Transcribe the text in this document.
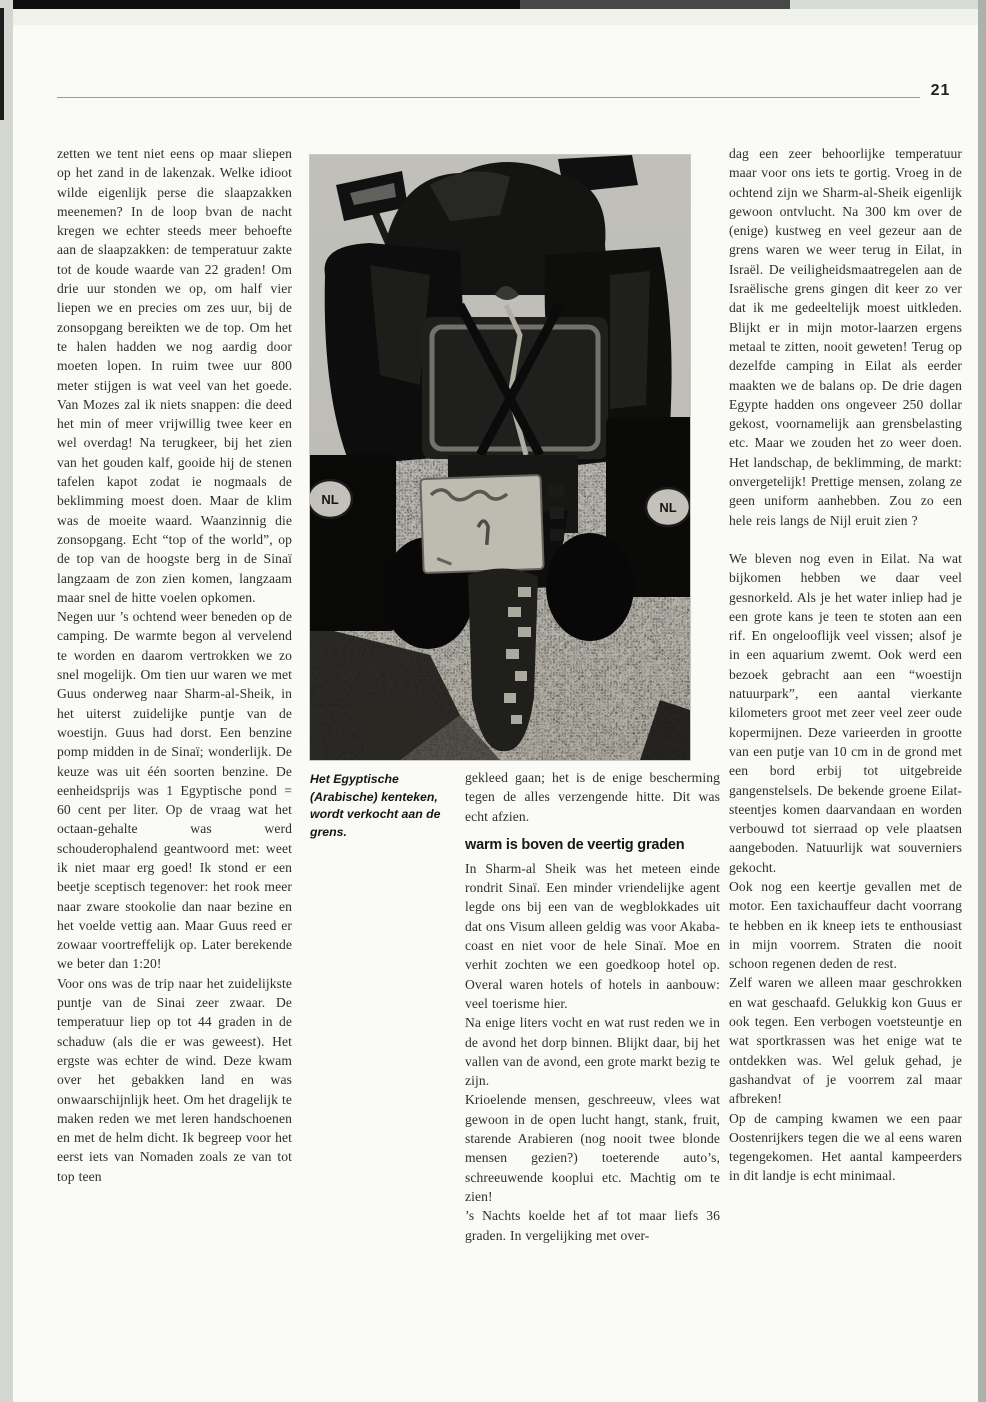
21

zetten we tent niet eens op maar sliepen op het zand in de lakenzak. Welke idioot wilde eigenlijk perse die slaapzakken meenemen? In de loop bvan de nacht kregen we echter steeds meer behoefte aan de slaapzakken: de temperatuur zakte tot de koude waarde van 22 graden! Om drie uur stonden we op, om half vier liepen we en precies om zes uur, bij de zonsopgang bereikten we de top. Om het te halen hadden we nog aardig door moeten lopen. In ruim twee uur 800 meter stijgen is wat veel van het goede. Van Mozes zal ik niets snappen: die deed het min of meer vrijwillig twee keer en wel overdag! Na terugkeer, bij het zien van het gouden kalf, gooide hij de stenen tafelen kapot zodat ie nogmaals de beklimming moest doen. Maar de klim was de moeite waard. Waanzinnig die zonsopgang. Echt “top of the world”, op de top van de hoogste berg in de Sinaï langzaam de zon zien komen, langzaam maar snel de hitte voelen opkomen.

Negen uur ’s ochtend weer beneden op de camping. De warmte begon al vervelend te worden en daarom vertrokken we zo snel mogelijk. Om tien uur waren we met Guus onderweg naar Sharm-al-Sheik, in het uiterst zuidelijke puntje van de woestijn. Guus had dorst. Een benzine pomp midden in de Sinaï; wonderlijk. De keuze was uit één soorten benzine. De eenheidsprijs was 1 Egyptische pond = 60 cent per liter. Op de vraag wat het octaan-gehalte was werd schouderophalend geantwoord met: weet ik niet maar erg goed! Ik stond er een beetje sceptisch tegenover: het rook meer naar zware stookolie dan naar bezine en het voelde vettig aan. Maar Guus reed er zowaar voortreffelijk op. Later berekende we beter dan 1:20!

Voor ons was de trip naar het zuidelijkste puntje van de Sinai zeer zwaar. De temperatuur liep op tot 44 graden in de schaduw (als die er was geweest). Het ergste was echter de wind. Deze kwam over het gebakken land en was onwaarschijnlijk heet. Om het dragelijk te maken reden we met leren handschoenen en met de helm dicht. Ik begreep voor het eerst iets van Nomaden zoals ze van tot top teen

NL
NL
Het Egyptische (Arabische) kenteken, wordt verkocht aan de grens.

gekleed gaan; het is de enige bescherming tegen de alles verzengende hitte. Dit was echt afzien.

warm is boven de veertig graden

In Sharm-al Sheik was het meteen einde rondrit Sinaï. Een minder vriendelijke agent legde ons bij een van de wegblokkades uit dat ons Visum alleen geldig was voor Akaba-coast en niet voor de hele Sinaï. Moe en verhit zochten we een goedkoop hotel op. Overal waren hotels of hotels in aanbouw: veel toerisme hier.

Na enige liters vocht en wat rust reden we in de avond het dorp binnen. Blijkt daar, bij het vallen van de avond, een grote markt bezig te zijn.

Krioelende mensen, geschreeuw, vlees wat gewoon in de open lucht hangt, stank, fruit, starende Arabieren (nog nooit twee blonde mensen gezien?) toeterende auto’s, schreeuwende kooplui etc. Machtig om te zien!

’s Nachts koelde het af tot maar liefs 36 graden. In vergelijking met over-

dag een zeer behoorlijke temperatuur maar voor ons iets te gortig. Vroeg in de ochtend zijn we Sharm-al-Sheik eigenlijk gewoon ontvlucht. Na 300 km over de (enige) kustweg en veel gezeur aan de grens waren we weer terug in Eilat, in Israël. De veiligheidsmaatregelen aan de Israëlische grens gingen dit keer zo ver dat ik me gedeeltelijk moest uitkleden. Blijkt er in mijn motor-laarzen ergens metaal te zitten, nooit geweten! Terug op dezelfde camping in Eilat als eerder maakten we de balans op. De drie dagen Egypte hadden ons ongeveer 250 dollar gekost, voornamelijk aan grensbelasting etc. Maar we zouden het zo weer doen. Het landschap, de beklimming, de markt: onvergetelijk! Prettige mensen, zolang ze geen uniform aanhebben. Zou zo een hele reis langs de Nijl eruit zien ?

We bleven nog even in Eilat. Na wat bijkomen hebben we daar veel gesnorkeld. Als je het water inliep had je een grote kans je teen te stoten aan een rif. En ongelooflijk veel vissen; alsof je in een aquarium zwemt. Ook werd een bezoek gebracht aan een “woestijn natuurpark”, een aantal vierkante kilometers groot met zeer veel zeer oude kopermijnen. Deze varieerden in grootte van een putje van 10 cm in de grond met een bord erbij tot uitgebreide gangenstelsels. De bekende groene Eilat-steentjes komen daarvandaan en worden verbouwd tot sierraad op vele plaatsen aangeboden. Natuurlijk wat souverniers gekocht.

Ook nog een keertje gevallen met de motor. Een taxichauffeur dacht voorrang te hebben en ik kneep iets te enthousiast in mijn voorrem. Straten die nooit schoon regenen deden de rest.

Zelf waren we alleen maar geschrokken en wat geschaafd. Gelukkig kon Guus er ook tegen. Een verbogen voetsteuntje en wat sportkrassen was het enige wat te ontdekken was. Wel geluk gehad, je gashandvat of je voorrem zal maar afbreken!

Op de camping kwamen we een paar Oostenrijkers tegen die we al eens waren tegengekomen. Het aantal kampeerders in dit landje is echt minimaal.
